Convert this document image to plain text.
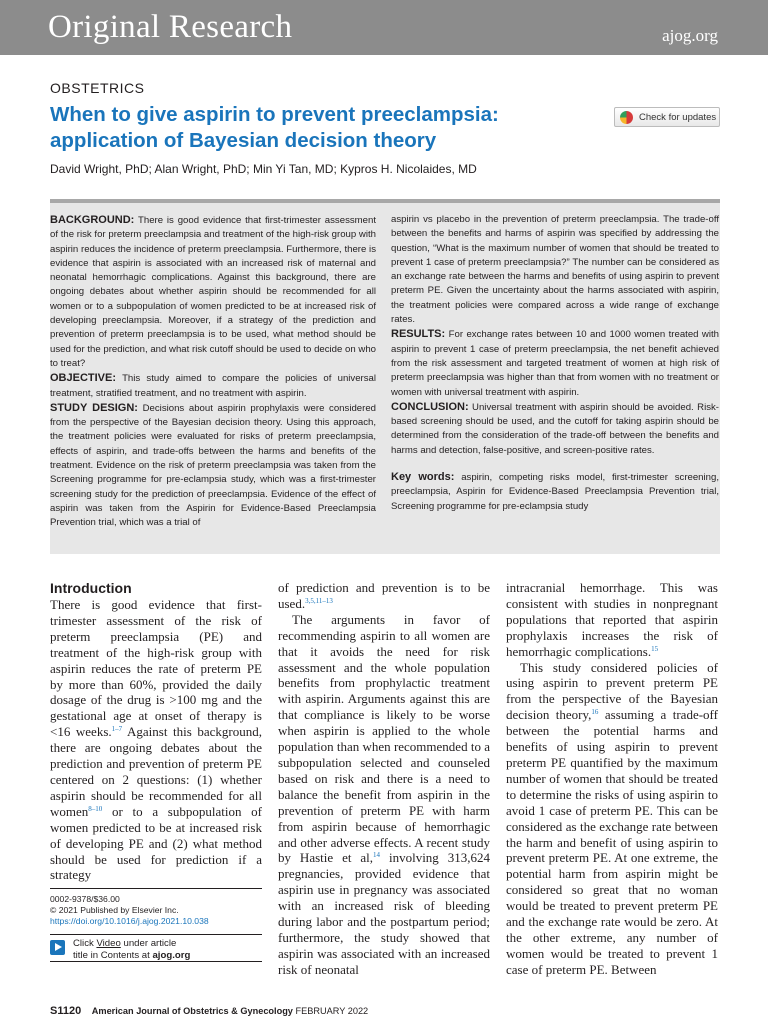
Original Research	ajog.org
OBSTETRICS
When to give aspirin to prevent preeclampsia: application of Bayesian decision theory
David Wright, PhD; Alan Wright, PhD; Min Yi Tan, MD; Kypros H. Nicolaides, MD
Check for updates

BACKGROUND: There is good evidence that first-trimester assessment of the risk for preterm preeclampsia and treatment of the high-risk group with aspirin reduces the incidence of preterm preeclampsia. Furthermore, there is evidence that aspirin is associated with an increased risk of maternal and neonatal hemorrhagic complications. Against this background, there are ongoing debates about whether aspirin should be recommended for all women or to a subpopulation of women predicted to be at increased risk of developing preeclampsia. Moreover, if a strategy of the prediction and prevention of preterm preeclampsia is to be used, what method should be used for the prediction, and what risk cutoff should be used to decide on who to treat?

OBJECTIVE: This study aimed to compare the policies of universal treatment, stratified treatment, and no treatment with aspirin.

STUDY DESIGN: Decisions about aspirin prophylaxis were considered from the perspective of the Bayesian decision theory. Using this approach, the treatment policies were evaluated for risks of preterm preeclampsia, effects of aspirin, and trade-offs between the harms and benefits of the treatment. Evidence on the risk of preterm preeclampsia was taken from the Screening programme for pre-eclampsia study, which was a first-trimester screening study for the prediction of preeclampsia. Evidence of the effect of aspirin was taken from the Aspirin for Evidence-Based Preeclampsia Prevention trial, which was a trial of

aspirin vs placebo in the prevention of preterm preeclampsia. The trade-off between the benefits and harms of aspirin was specified by addressing the question, “What is the maximum number of women that should be treated to prevent 1 case of preterm preeclampsia?” The number can be considered as an exchange rate between the harms and benefits of using aspirin to prevent preterm PE. Given the uncertainty about the harms associated with aspirin, the treatment policies were compared across a wide range of exchange rates.

RESULTS: For exchange rates between 10 and 1000 women treated with aspirin to prevent 1 case of preterm preeclampsia, the net benefit achieved from the risk assessment and targeted treatment of women at high risk of preterm preeclampsia was higher than that from women with no treatment or women with universal treatment with aspirin.

CONCLUSION: Universal treatment with aspirin should be avoided. Risk-based screening should be used, and the cutoff for taking aspirin should be determined from the consideration of the trade-off between the benefits and harms and detection, false-positive, and screen-positive rates.

Key words: aspirin, competing risks model, first-trimester screening, preeclampsia, Aspirin for Evidence-Based Preeclampsia Prevention trial, Screening programme for pre-eclampsia study

Introduction
There is good evidence that first-trimester assessment of the risk of preterm preeclampsia (PE) and treatment of the high-risk group with aspirin reduces the rate of preterm PE by more than 60%, provided the daily dosage of the drug is >100 mg and the gestational age at onset of therapy is <16 weeks.$^{1-7}$ Against this background, there are ongoing debates about the prediction and prevention of preterm PE centered on 2 questions: (1) whether aspirin should be recommended for all women$^{8-10}$ or to a subpopulation of women predicted to be at increased risk of developing PE and (2) what method should be used for prediction if a strategy
of prediction and prevention is to be used.$^{3,5,11-13}$
The arguments in favor of recommending aspirin to all women are that it avoids the need for risk assessment and the whole population benefits from prophylactic treatment with aspirin. Arguments against this are that compliance is likely to be worse when aspirin is applied to the whole population than when recommended to a subpopulation selected and counseled based on risk and there is a need to balance the benefit from aspirin in the prevention of preterm PE with harm from aspirin because of hemorrhagic and other adverse effects. A recent study by Hastie et al,$^{14}$ involving 313,624 pregnancies, provided evidence that aspirin use in pregnancy was associated with an increased risk of bleeding during labor and the postpartum period; furthermore, the study showed that aspirin was associated with an increased risk of neonatal
intracranial hemorrhage. This was consistent with studies in nonpregnant populations that reported that aspirin prophylaxis increases the risk of hemorrhagic complications.$^{15}$
This study considered policies of using aspirin to prevent preterm PE from the perspective of the Bayesian decision theory,$^{16}$ assuming a trade-off between the potential harms and benefits of using aspirin to prevent preterm PE quantified by the maximum number of women that should be treated to determine the risks of using aspirin to avoid 1 case of preterm PE. This can be considered as the exchange rate between the harm and benefit of using aspirin to prevent preterm PE. At one extreme, the potential harm from aspirin might be considered so great that no woman would be treated to prevent preterm PE and the exchange rate would be zero. At the other extreme, any number of women would be treated to prevent 1 case of preterm PE. Between
0002-9378/$36.00
© 2021 Published by Elsevier Inc.
https://doi.org/10.1016/j.ajog.2021.10.038
Click Video under article
title in Contents at ajog.org
S1120 American Journal of Obstetrics & Gynecology FEBRUARY 2022
